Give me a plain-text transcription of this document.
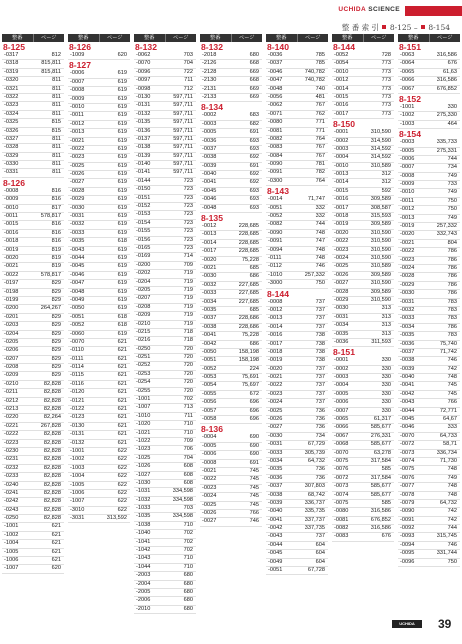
UCHIDA SCIENCE
整 番 索 引 8-125 –  8-154
整番	ページ
8-125
-0317	812
-0318	815,811
-0319	815,811
-0320	811
-0321	811
-0322	811
-0323	811
-0324	811
-0325	815
-0326	815
-0327	811
-0328	811
-0329	811
-0330	811
-0331	811
8-126
-0008	816
-0009	816
-0010	817
-0011	578,817
-0015	816
-0016	816
-0018	816
-0019	819
-0020	819
-0021	819
-0022	578,817
-0197	829
-0198	829
-0199	829
-0200	264,267
-0201	829
-0203	829
-0204	829
-0205	829
-0206	829
-0207	829
-0208	829
-0209	829
-0210	82,828
-0211	82,828
-0212	82,828
-0213	82,828
-0220	82,264
-0221	267,828
-0222	82,828
-0223	82,828
-0230	82,828
-0231	82,828
-0232	82,828
-0233	82,828
-0240	82,828
-0241	82,828
-0242	82,828
-0243	82,828
-0250	82,828
-1001	621
-1002	621
-1004	621
-1005	621
-1006	621
-1007	620
整番	ページ
8-126
-1009	620
8-127
-0006	619
-0007	619
-0008	619
-0009	619
-0010	619
-0011	619
-0012	619
-0013	619
-0021	619
-0022	619
-0023	619
-0025	619
-0026	619
-0027	619
-0028	619
-0029	619
-0030	619
-0031	619
-0032	619
-0033	619
-0035	618
-0043	619
-0044	619
-0045	619
-0046	619
-0047	619
-0048	619
-0049	619
-0050	619
-0051	618
-0052	618
-0060	619
-0070	621
-0110	621
-0111	621
-0114	621
-0115	621
-0116	621
-0120	621
-0121	621
-0122	621
-0123	621
-0130	621
-0131	621
-0132	621
-1001	622
-1002	622
-1003	622
-1004	622
-1005	622
-1006	622
-1007	622
-3010	622
-3031	313,592
整番	ページ
8-132
-0062	703
-0070	704
-0096	722
-0097	711
-0098	712
-0130	597,711
-0131	597,711
-0132	597,711
-0135	597,711
-0136	597,711
-0137	597,711
-0138	597,711
-0139	597,711
-0140	597,711
-0141	597,711
-0144	723
-0150	723
-0151	723
-0152	723
-0153	723
-0154	723
-0155	723
-0156	723
-0165	723
-0169	714
-0200	709
-0202	719
-0204	719
-0205	719
-0207	719
-0208	719
-0209	719
-0210	719
-0215	718
-0216	718
-0250	720
-0251	720
-0252	720
-0253	720
-0254	720
-0255	720
-1001	702
-1007	713
-1010	711
-1020	710
-1021	710
-1022	709
-1023	706
-1025	704
-1026	608
-1027	608
-1030	608
-1031	334,598
-1032	334,598
-1033	703
-1035	334,598
-1038	710
-1040	702
-1041	702
-1042	702
-1043	710
-1044	710
-2003	680
-2004	680
-2005	680
-2006	680
-2010	680
整番	ページ
8-132
-2018	680
-2126	668
-2128	669
-2130	668
-2131	669
-2133	669
8-134
-0002	683
-0003	682
-0005	691
-0036	693
-0037	693
-0038	692
-0039	691
-0040	692
-0041	692
-0045	693
-0046	693
-0048	693
8-135
-0012	228,685
-0013	228,685
-0014	228,685
-0017	228,685
-0020	75,228
-0021	685
-0030	686
-0032	227,685
-0033	227,685
-0034	227,685
-0035	685
-0037	228,686
-0038	228,686
-0041	75,228
-0042	686
-0050	158,198
-0051	158,198
-0052	224
-0053	75,691
-0054	75,697
-0055	672
-0056	696
-0057	696
-0058	696
8-136
-0004	690
-0005	690
-0006	690
-0008	691
-0021	745
-0022	745
-0023	745
-0024	745
-0025	745
-0026	766
-0027	746
整番	ページ
8-140
-0036	785
-0037	785
-0046	740,782
-0047	740,782
-0048	740
-0056	481
-0062	767
-0071	762
-0080	771
-0081	771
-0082	764
-0083	767
-0084	767
-0090	781
-0091	782
-0300	764
8-143
-0014	71,747
-0051	332
-0052	332
-0082	744
-0090	748
-0091	747
-0094	748
-0111	748
-0112	746
-1010	257,332
-3000	750
8-144
-0008	737
-0012	737
-0013	737
-0014	737
-0016	738
-0017	738
-0018	738
-0019	738
-0020	737
-0021	737
-0022	737
-0023	737
-0024	737
-0025	736
-0026	736
-0027	736
-0030	734
-0031	67,729
-0033	305,739
-0034	64,732
-0035	736
-0036	736
-0037	307,803
-0038	68,742
-0039	336,737
-0040	335,735
-0041	337,737
-0042	337,735
-0043	737
-0044	604
-0045	604
-0049	604
-0051	67,728
整番	ページ
8-144
-0052	728
-0054	773
-0010	773
-0012	773
-0014	773
-0015	773
-0016	773
-0017	773
8-150
-0001	310,590
-0002	314,590
-0003	314,592
-0004	314,592
-0010	310,589
-0013	312
-0014	312
-0015	592
-0016	309,589
-0017	308,587
-0018	315,593
-0019	309,589
-0020	310,590
-0022	310,590
-0023	310,590
-0024	310,590
-0025	310,589
-0026	309,589
-0027	310,590
-0028	309,589
-0029	310,590
-0030	313
-0031	313
-0034	313
-0035	313
-0036	311,593
8-151
-0001	330
-0002	330
-0003	330
-0004	330
-0005	330
-0006	330
-0007	330
-0065	61,317
-0066	585,677
-0067	276,331
-0068	585,677
-0070	63,278
-0075	317,584
-0076	585
-0072	317,584
-0073	585,677
-0074	585,677
-0075	585
-0080	316,586
-0081	676,852
-0082	316,586
-0083	676
整番	ページ
8-151
-0063	316,586
-0064	676
-0065	61,63
-0066	316,586
-0067	676,852
8-152
-1001	330
-1002	275,330
-1003	464
8-154
-0003	335,733
-0005	275,331
-0006	744
-0007	734
-0008	749
-0009	733
-0010	749
-0011	750
-0012	750
-0013	749
-0019	257,332
-0020	332,743
-0021	804
-0022	786
-0023	786
-0024	786
-0028	786
-0029	786
-0030	786
-0031	783
-0032	783
-0033	783
-0034	786
-0035	783
-0036	75,740
-0037	71,742
-0038	746
-0039	742
-0040	748
-0041	745
-0042	745
-0043	766
-0044	72,771
-0045	64,67
-0046	333
-0070	64,733
-0072	58,71
-0073	336,734
-0074	71,730
-0075	748
-0076	749
-0077	748
-0078	748
-0079	64,732
-0090	742
-0091	742
-0092	744
-0093	315,745
-0094	746
-0095	331,744
-0096	750
UCHIDA	39
